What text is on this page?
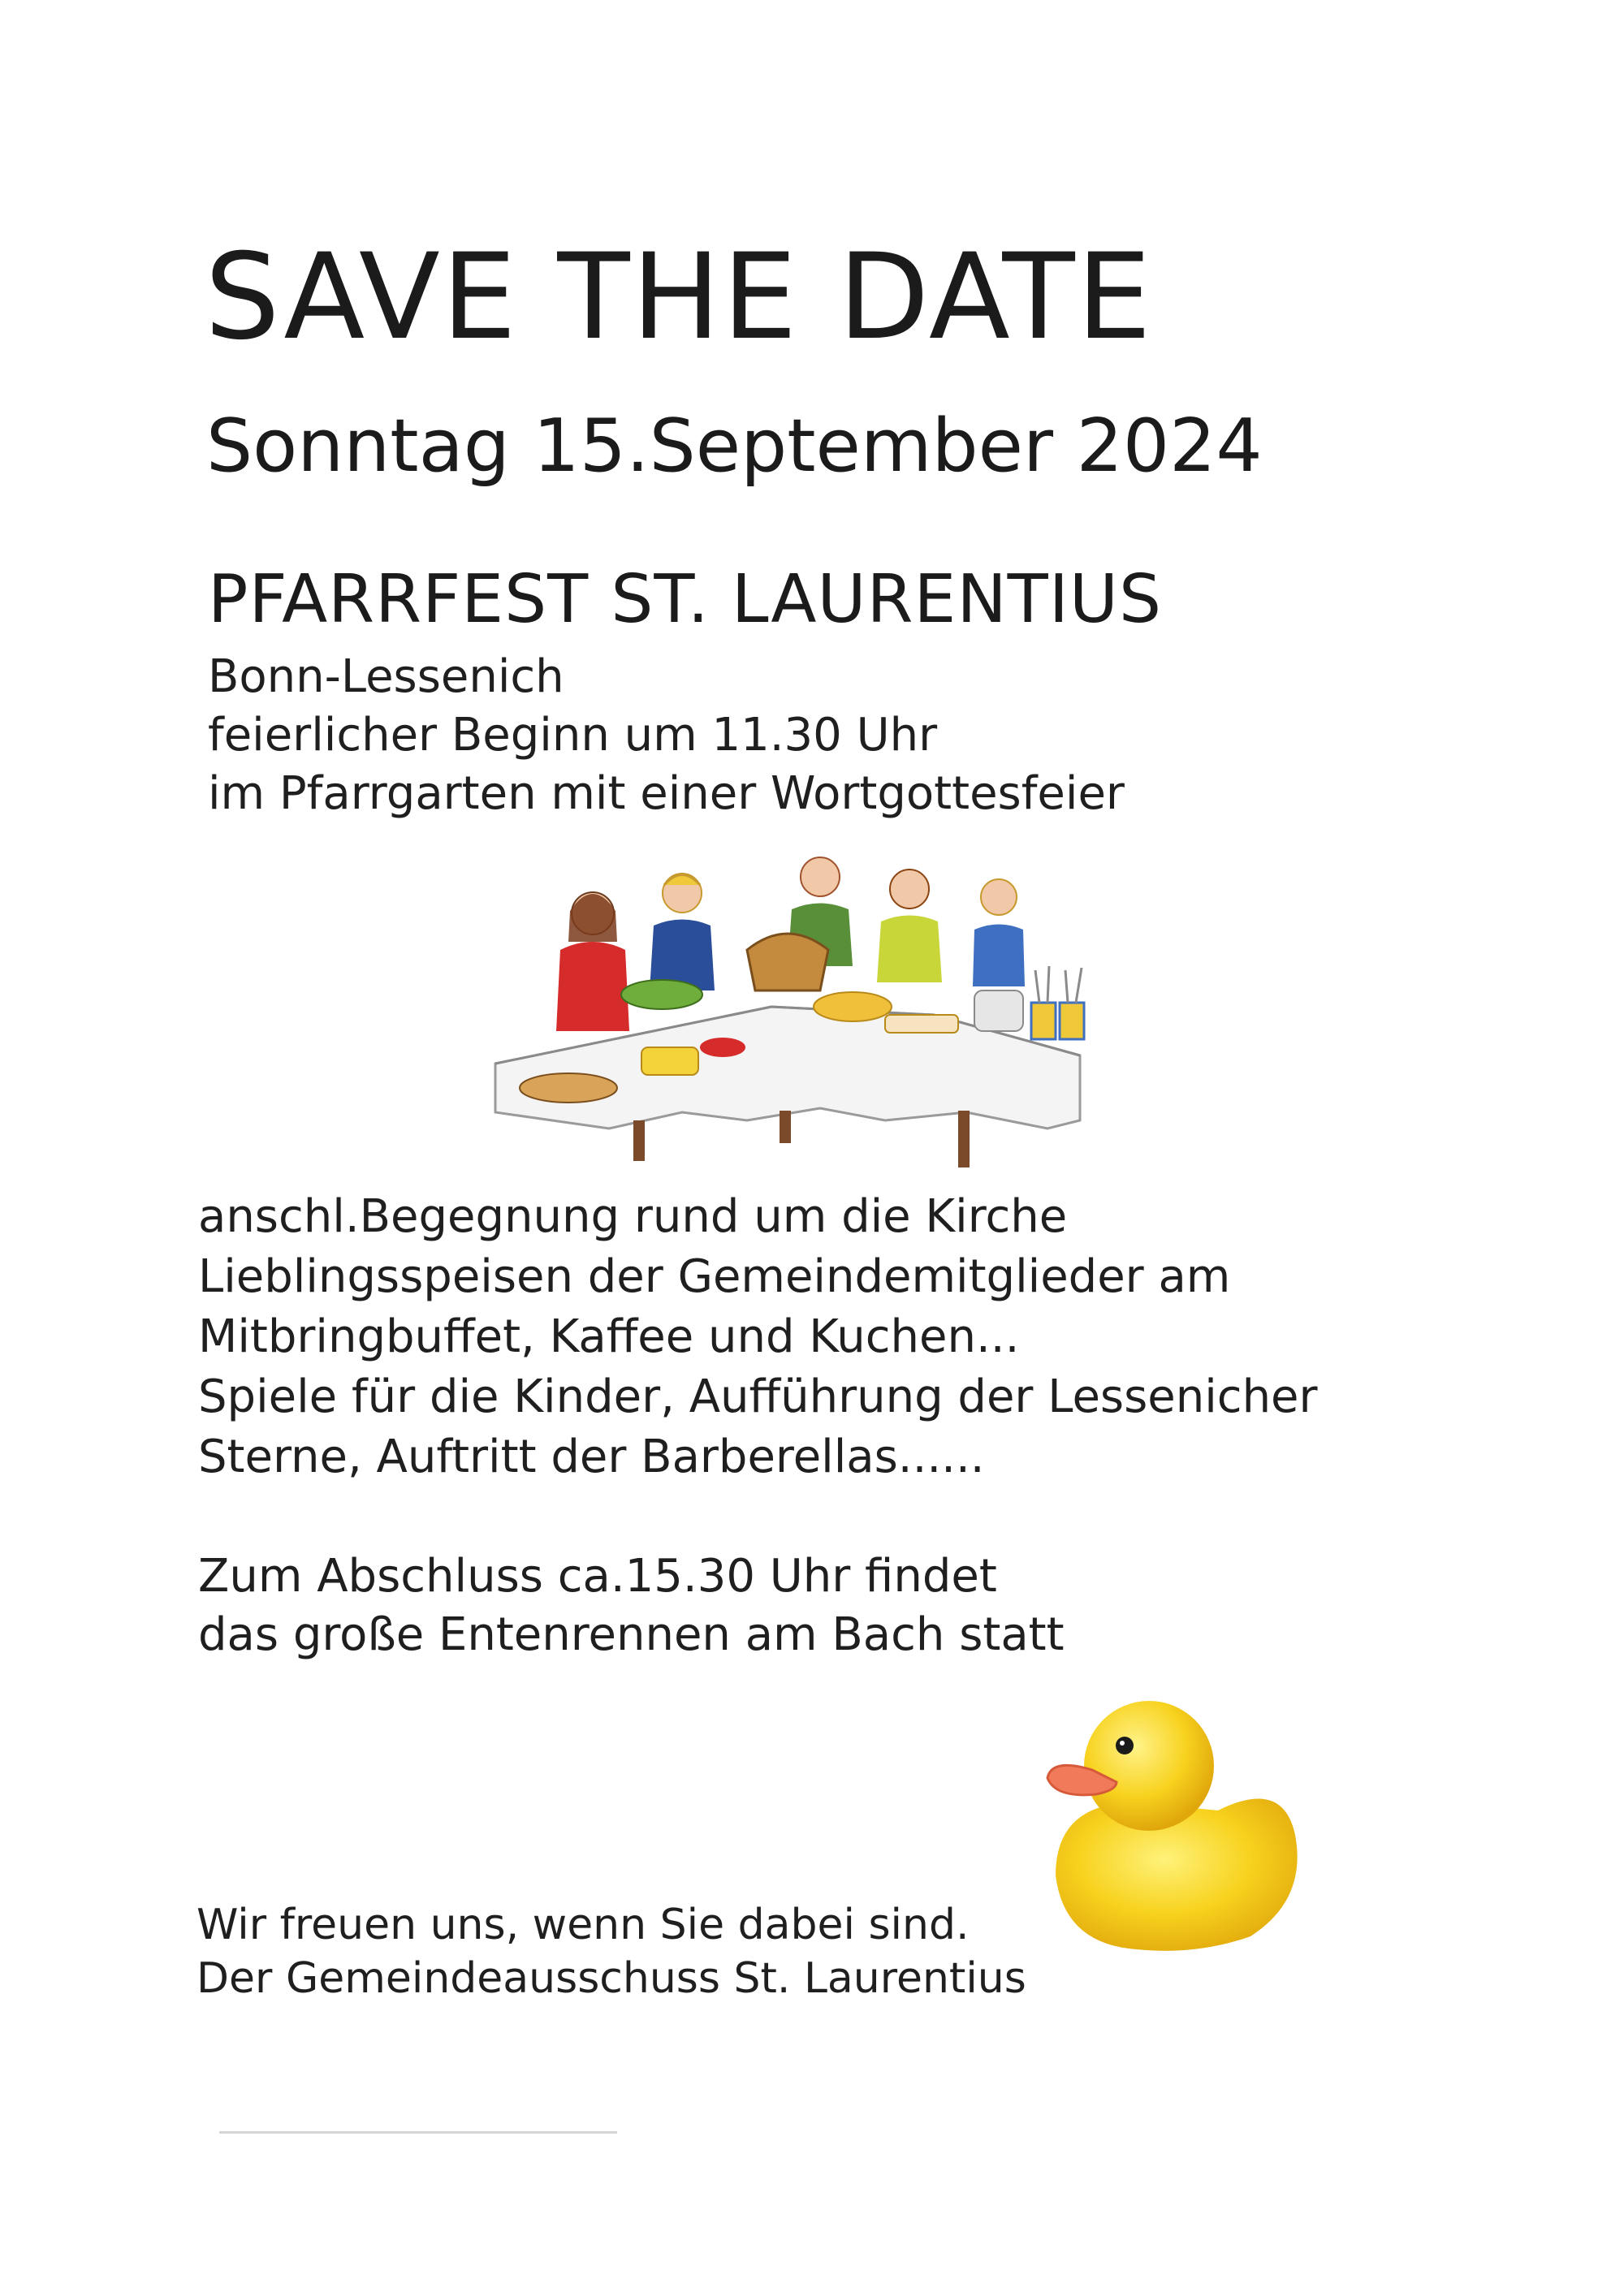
SAVE THE DATE
Sonntag 15.September 2024
PFARRFEST ST. LAURENTIUS
Bonn-Lessenich
feierlicher Beginn um 11.30 Uhr
im Pfarrgarten mit einer Wortgottesfeier
anschl.Begegnung rund um die Kirche
Lieblingsspeisen der Gemeindemitglieder am
Mitbringbuffet, Kaffee und Kuchen...
Spiele für die Kinder, Aufführung der Lessenicher
Sterne, Auftritt der Barberellas......
Zum Abschluss ca.15.30 Uhr findet
das große Entenrennen am Bach statt
Wir freuen uns, wenn Sie dabei sind.
Der Gemeindeausschuss St. Laurentius
